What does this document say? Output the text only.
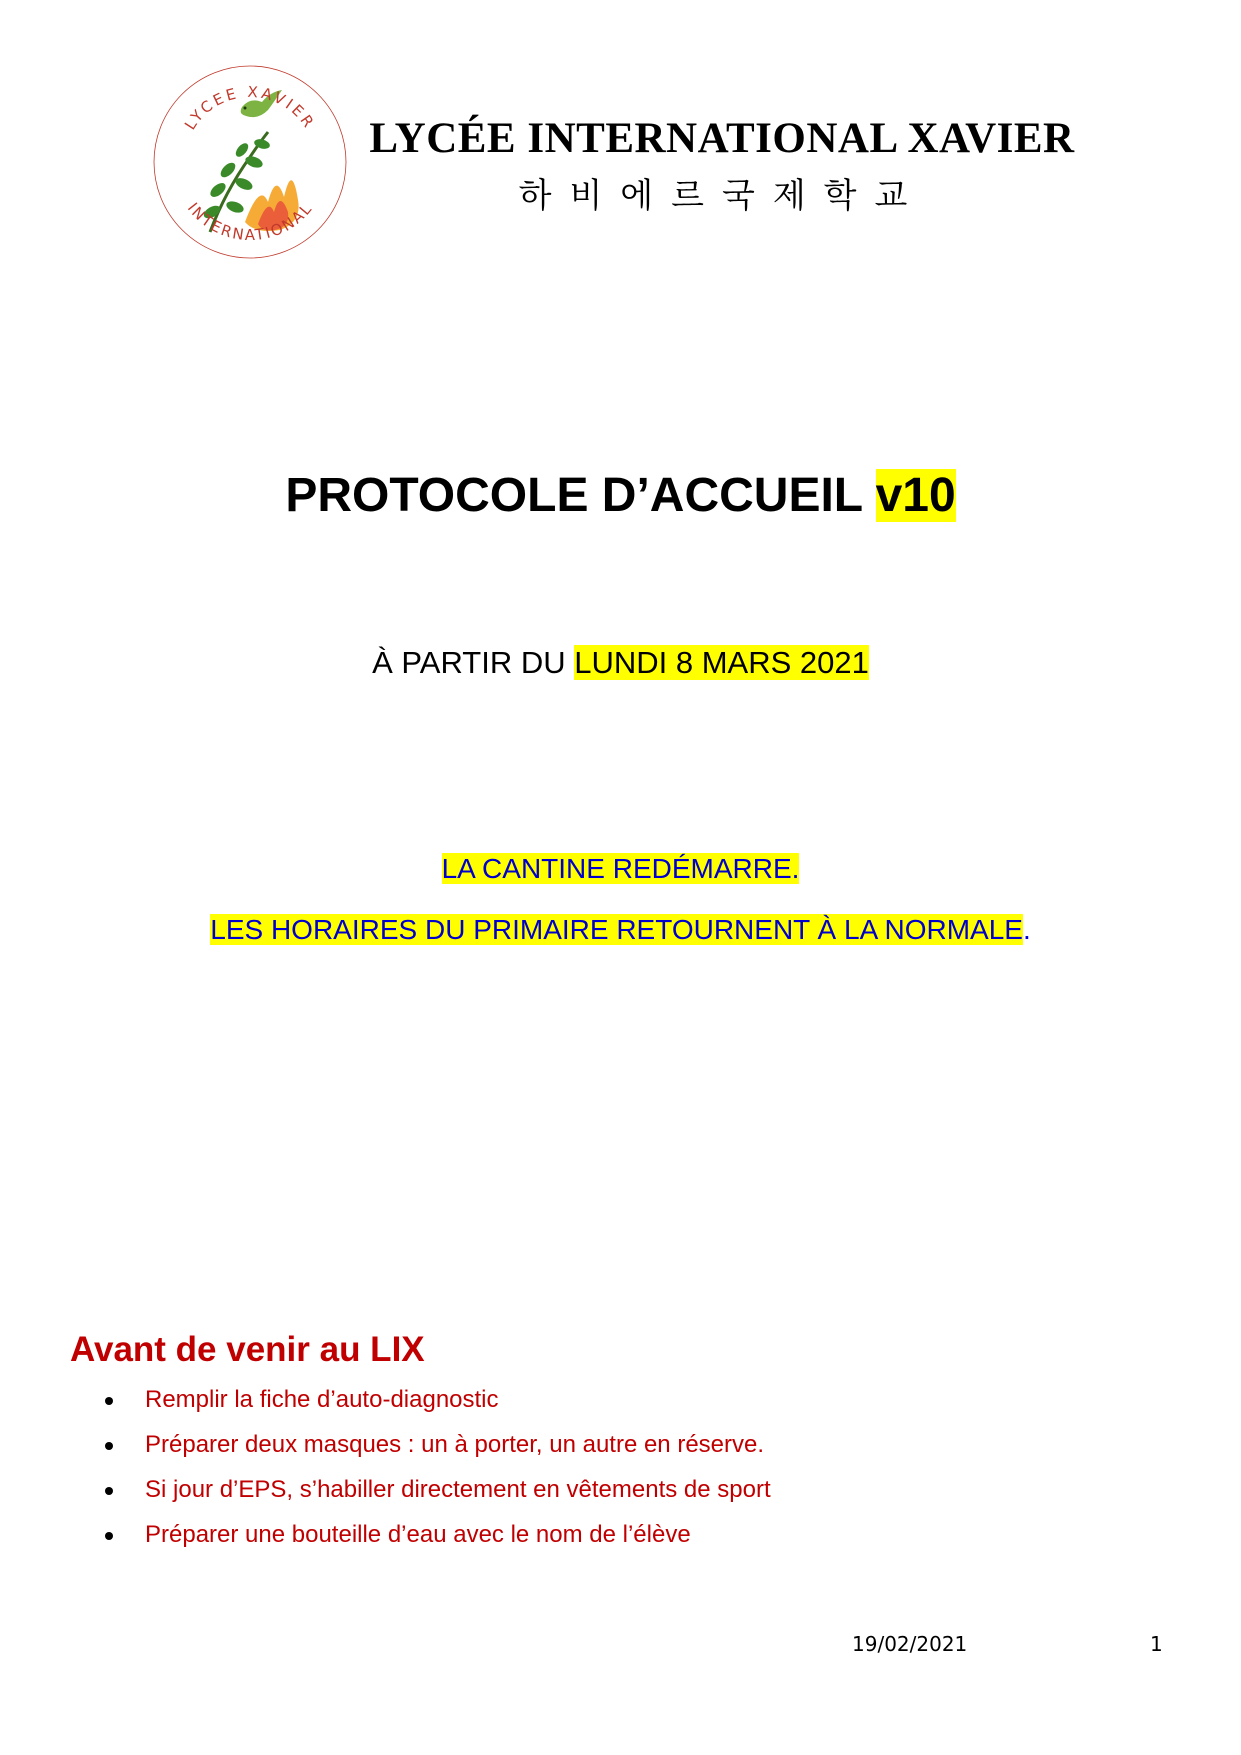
LYCEE XAVIER
INTERNATIONAL
LYCÉE INTERNATIONAL XAVIER
하비에르국제학교
PROTOCOLE D’ACCUEIL v10
À PARTIR DU LUNDI 8 MARS 2021
LA CANTINE REDÉMARRE.
LES HORAIRES DU PRIMAIRE RETOURNENT À LA NORMALE.
Avant de venir au LIX
Remplir la fiche d’auto-diagnostic
Préparer deux masques : un à porter, un autre en réserve.
Si jour d’EPS, s’habiller directement en vêtements de sport
Préparer une bouteille d’eau avec le nom de l’élève
19/02/2021	1
